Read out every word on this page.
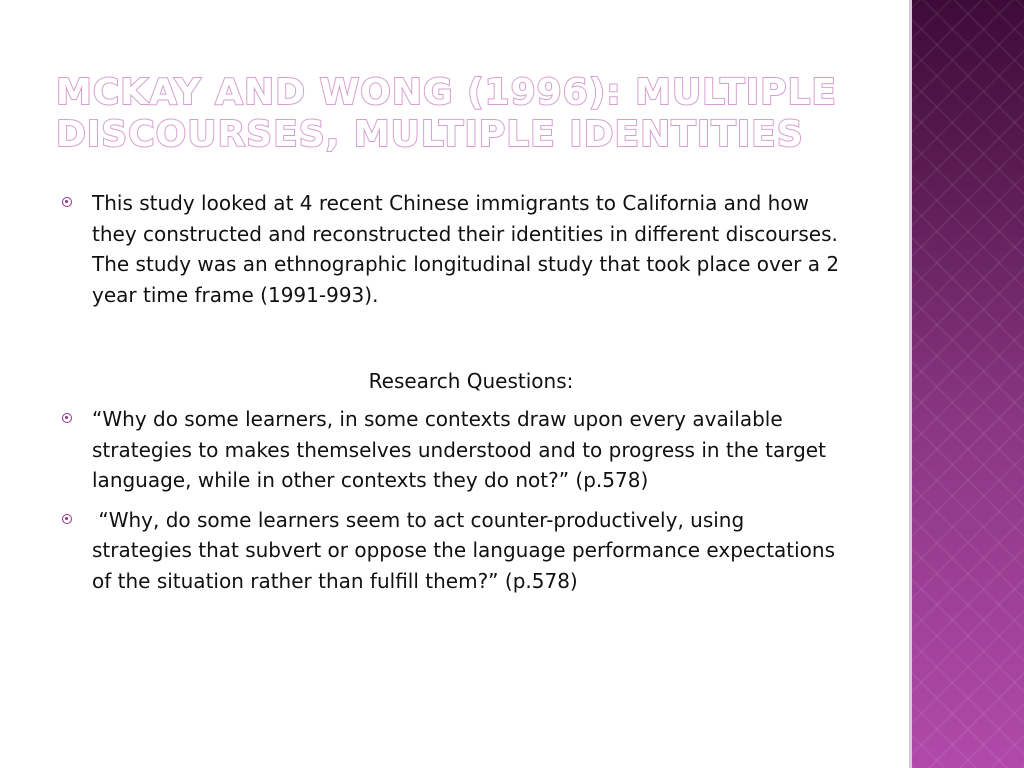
MCKAY AND WONG (1996): MULTIPLE DISCOURSES, MULTIPLE IDENTITIES
This study looked at 4 recent Chinese immigrants to California and how they constructed and reconstructed their identities in different discourses.  The study was an ethnographic longitudinal study that took place over a 2 year time frame (1991-993).
Research Questions:
“Why do some learners, in some contexts draw upon every available strategies to makes themselves understood and to progress in the target language, while in other contexts they do not?” (p.578)
“Why, do some learners seem to act counter-productively, using strategies that subvert or oppose the language performance expectations of the situation rather than fulfill them?” (p.578)
